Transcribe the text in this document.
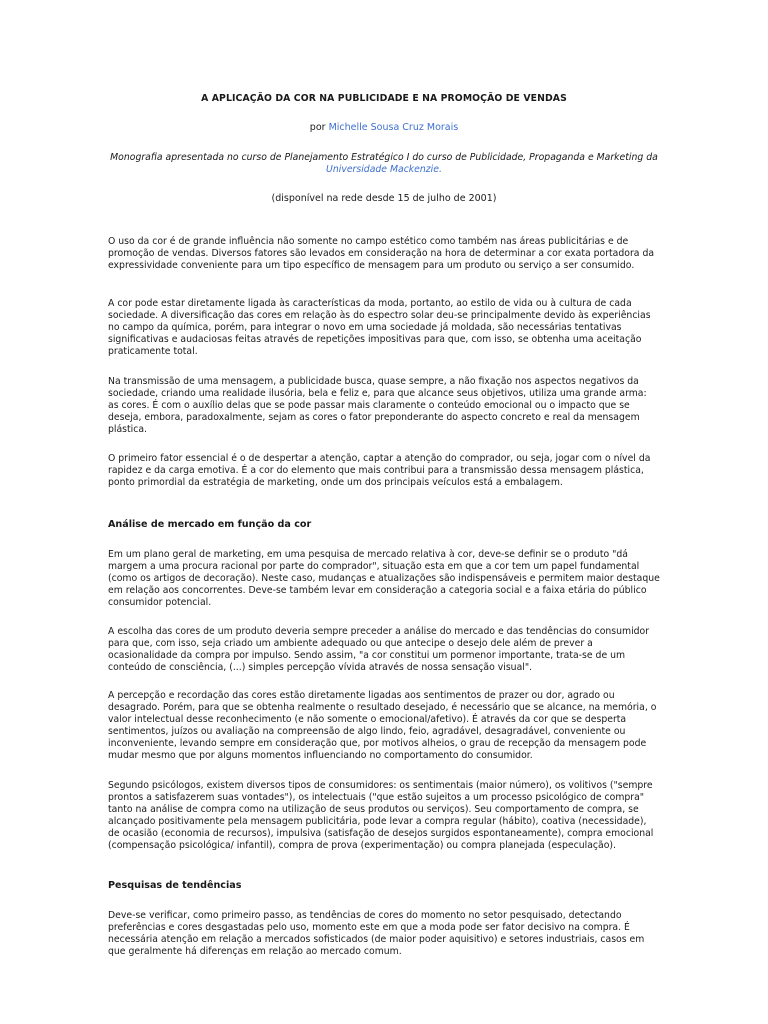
A APLICAÇÃO DA COR NA PUBLICIDADE E NA PROMOÇÃO DE VENDAS
por Michelle Sousa Cruz Morais
Monografia apresentada no curso de Planejamento Estratégico I do curso de Publicidade, Propaganda e Marketing da Universidade Mackenzie.
(disponível na rede desde 15 de julho de 2001)

O uso da cor é de grande influência não somente no campo estético como também nas áreas publicitárias e de promoção de vendas. Diversos fatores são levados em consideração na hora de determinar a cor exata portadora da expressividade conveniente para um tipo específico de mensagem para um produto ou serviço a ser consumido.

A cor pode estar diretamente ligada às características da moda, portanto, ao estilo de vida ou à cultura de cada sociedade. A diversificação das cores em relação às do espectro solar deu-se principalmente devido às experiências no campo da química, porém, para integrar o novo em uma sociedade já moldada, são necessárias tentativas significativas e audaciosas feitas através de repetições impositivas para que, com isso, se obtenha uma aceitação praticamente total.

Na transmissão de uma mensagem, a publicidade busca, quase sempre, a não fixação nos aspectos negativos da sociedade, criando uma realidade ilusória, bela e feliz e, para que alcance seus objetivos, utiliza uma grande arma: as cores. É com o auxílio delas que se pode passar mais claramente o conteúdo emocional ou o impacto que se deseja, embora, paradoxalmente, sejam as cores o fator preponderante do aspecto concreto e real da mensagem plástica.

O primeiro fator essencial é o de despertar a atenção, captar a atenção do comprador, ou seja, jogar com o nível da rapidez e da carga emotiva. É a cor do elemento que mais contribui para a transmissão dessa mensagem plástica, ponto primordial da estratégia de marketing, onde um dos principais veículos está a embalagem.

Análise de mercado em função da cor

Em um plano geral de marketing, em uma pesquisa de mercado relativa à cor, deve-se definir se o produto "dá margem a uma procura racional por parte do comprador", situação esta em que a cor tem um papel fundamental (como os artigos de decoração). Neste caso, mudanças e atualizações são indispensáveis e permitem maior destaque em relação aos concorrentes. Deve-se também levar em consideração a categoria social e a faixa etária do público consumidor potencial.

A escolha das cores de um produto deveria sempre preceder a análise do mercado e das tendências do consumidor para que, com isso, seja criado um ambiente adequado ou que antecipe o desejo dele além de prever a ocasionalidade da compra por impulso. Sendo assim, "a cor constitui um pormenor importante, trata-se de um conteúdo de consciência, (...) simples percepção vívida através de nossa sensação visual".

A percepção e recordação das cores estão diretamente ligadas aos sentimentos de prazer ou dor, agrado ou desagrado. Porém, para que se obtenha realmente o resultado desejado, é necessário que se alcance, na memória, o valor intelectual desse reconhecimento (e não somente o emocional/afetivo). É através da cor que se desperta sentimentos, juízos ou avaliação na compreensão de algo lindo, feio, agradável, desagradável, conveniente ou inconveniente, levando sempre em consideração que, por motivos alheios, o grau de recepção da mensagem pode mudar mesmo que por alguns momentos influenciando no comportamento do consumidor.

Segundo psicólogos, existem diversos tipos de consumidores: os sentimentais (maior número), os volitivos ("sempre prontos a satisfazerem suas vontades"), os intelectuais ("que estão sujeitos a um processo psicológico de compra" tanto na análise de compra como na utilização de seus produtos ou serviços). Seu comportamento de compra, se alcançado positivamente pela mensagem publicitária, pode levar a compra regular (hábito), coativa (necessidade), de ocasião (economia de recursos), impulsiva (satisfação de desejos surgidos espontaneamente), compra emocional (compensação psicológica/ infantil), compra de prova (experimentação) ou compra planejada (especulação).

Pesquisas de tendências

Deve-se verificar, como primeiro passo, as tendências de cores do momento no setor pesquisado, detectando preferências e cores desgastadas pelo uso, momento este em que a moda pode ser fator decisivo na compra. É necessária atenção em relação a mercados sofisticados (de maior poder aquisitivo) e setores industriais, casos em que geralmente há diferenças em relação ao mercado comum.
